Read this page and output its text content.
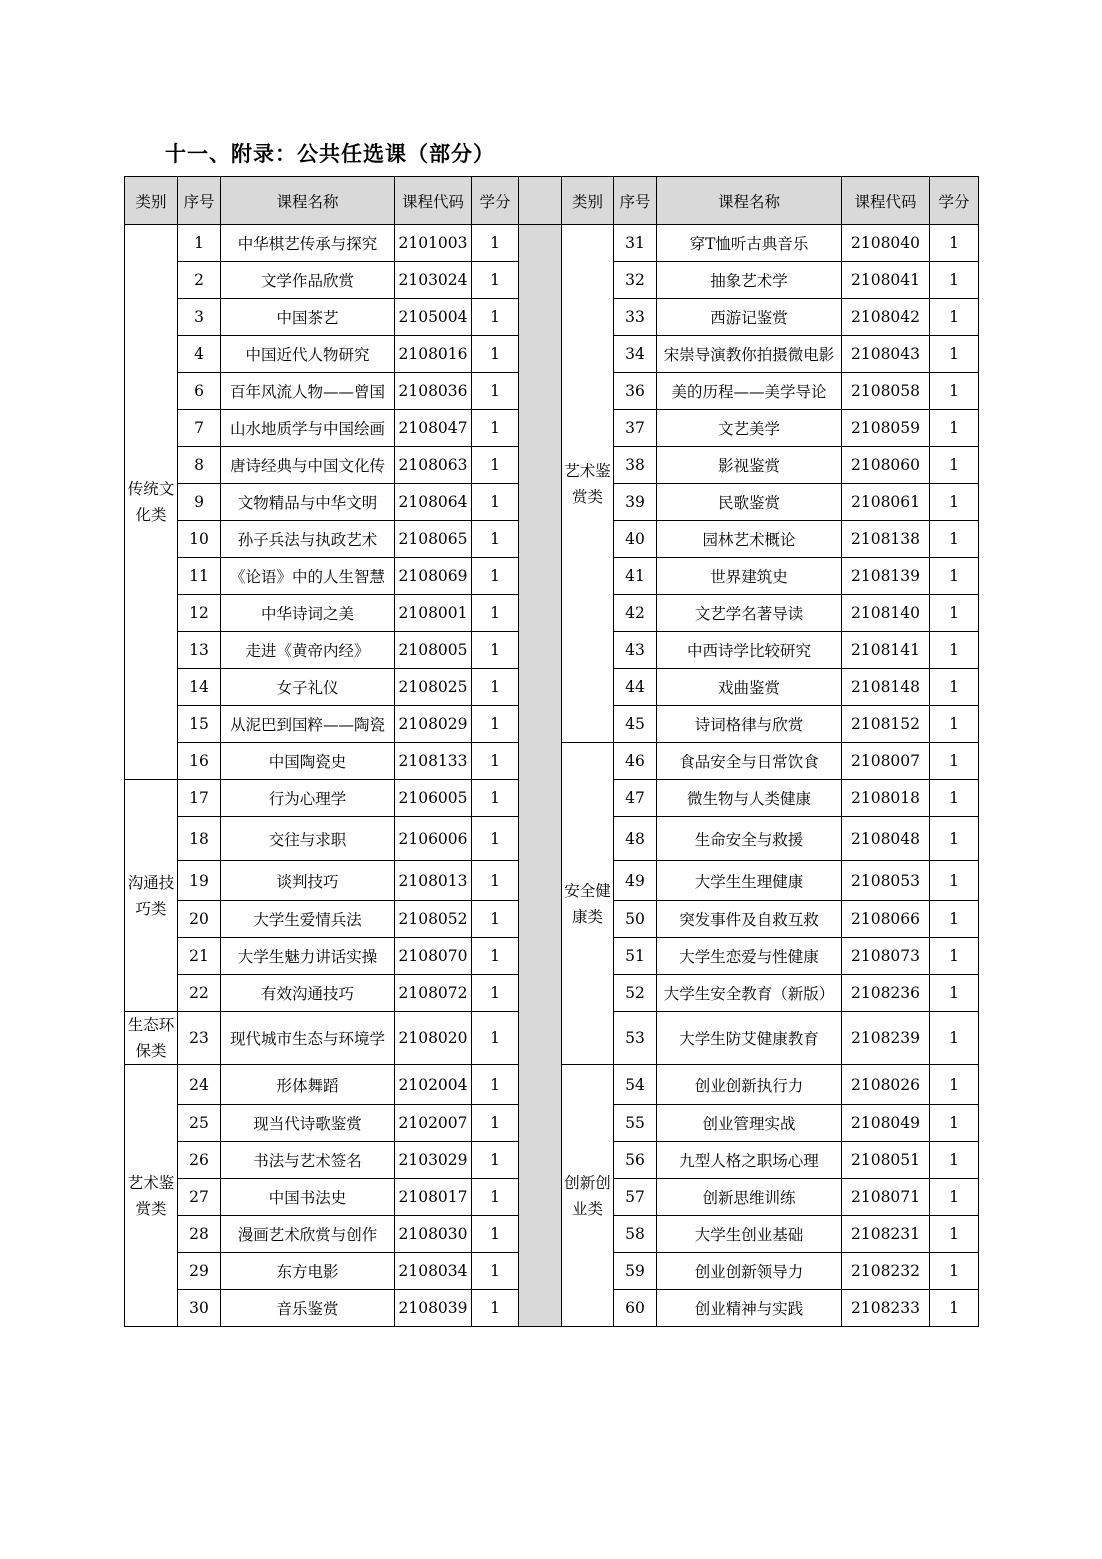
十一、附录：公共任选课（部分）
类别	序号	课程名称	课程代码	学分		类别	序号	课程名称	课程代码	学分
传统文化类	1	中华棋艺传承与探究	2101003	1		艺术鉴赏类	31	穿T恤听古典音乐	2108040	1
	2	文学作品欣赏	2103024	1			32	抽象艺术学	2108041	1
	3	中国茶艺	2105004	1			33	西游记鉴赏	2108042	1
	4	中国近代人物研究	2108016	1			34	宋崇导演教你拍摄微电影	2108043	1
	6	百年风流人物——曾国	2108036	1			36	美的历程——美学导论	2108058	1
	7	山水地质学与中国绘画	2108047	1			37	文艺美学	2108059	1
	8	唐诗经典与中国文化传	2108063	1			38	影视鉴赏	2108060	1
	9	文物精品与中华文明	2108064	1			39	民歌鉴赏	2108061	1
	10	孙子兵法与执政艺术	2108065	1			40	园林艺术概论	2108138	1
	11	《论语》中的人生智慧	2108069	1			41	世界建筑史	2108139	1
	12	中华诗词之美	2108001	1			42	文艺学名著导读	2108140	1
	13	走进《黄帝内经》	2108005	1			43	中西诗学比较研究	2108141	1
	14	女子礼仪	2108025	1			44	戏曲鉴赏	2108148	1
	15	从泥巴到国粹——陶瓷	2108029	1			45	诗词格律与欣赏	2108152	1
	16	中国陶瓷史	2108133	1		安全健康类	46	食品安全与日常饮食	2108007	1
沟通技巧类	17	行为心理学	2106005	1			47	微生物与人类健康	2108018	1
	18	交往与求职	2106006	1			48	生命安全与救援	2108048	1
	19	谈判技巧	2108013	1			49	大学生生理健康	2108053	1
	20	大学生爱情兵法	2108052	1			50	突发事件及自救互救	2108066	1
	21	大学生魅力讲话实操	2108070	1			51	大学生恋爱与性健康	2108073	1
	22	有效沟通技巧	2108072	1			52	大学生安全教育（新版）	2108236	1
生态环保类	23	现代城市生态与环境学	2108020	1			53	大学生防艾健康教育	2108239	1
艺术鉴赏类	24	形体舞蹈	2102004	1		创新创业类	54	创业创新执行力	2108026	1
	25	现当代诗歌鉴赏	2102007	1			55	创业管理实战	2108049	1
	26	书法与艺术签名	2103029	1			56	九型人格之职场心理	2108051	1
	27	中国书法史	2108017	1			57	创新思维训练	2108071	1
	28	漫画艺术欣赏与创作	2108030	1			58	大学生创业基础	2108231	1
	29	东方电影	2108034	1			59	创业创新领导力	2108232	1
	30	音乐鉴赏	2108039	1			60	创业精神与实践	2108233	1
